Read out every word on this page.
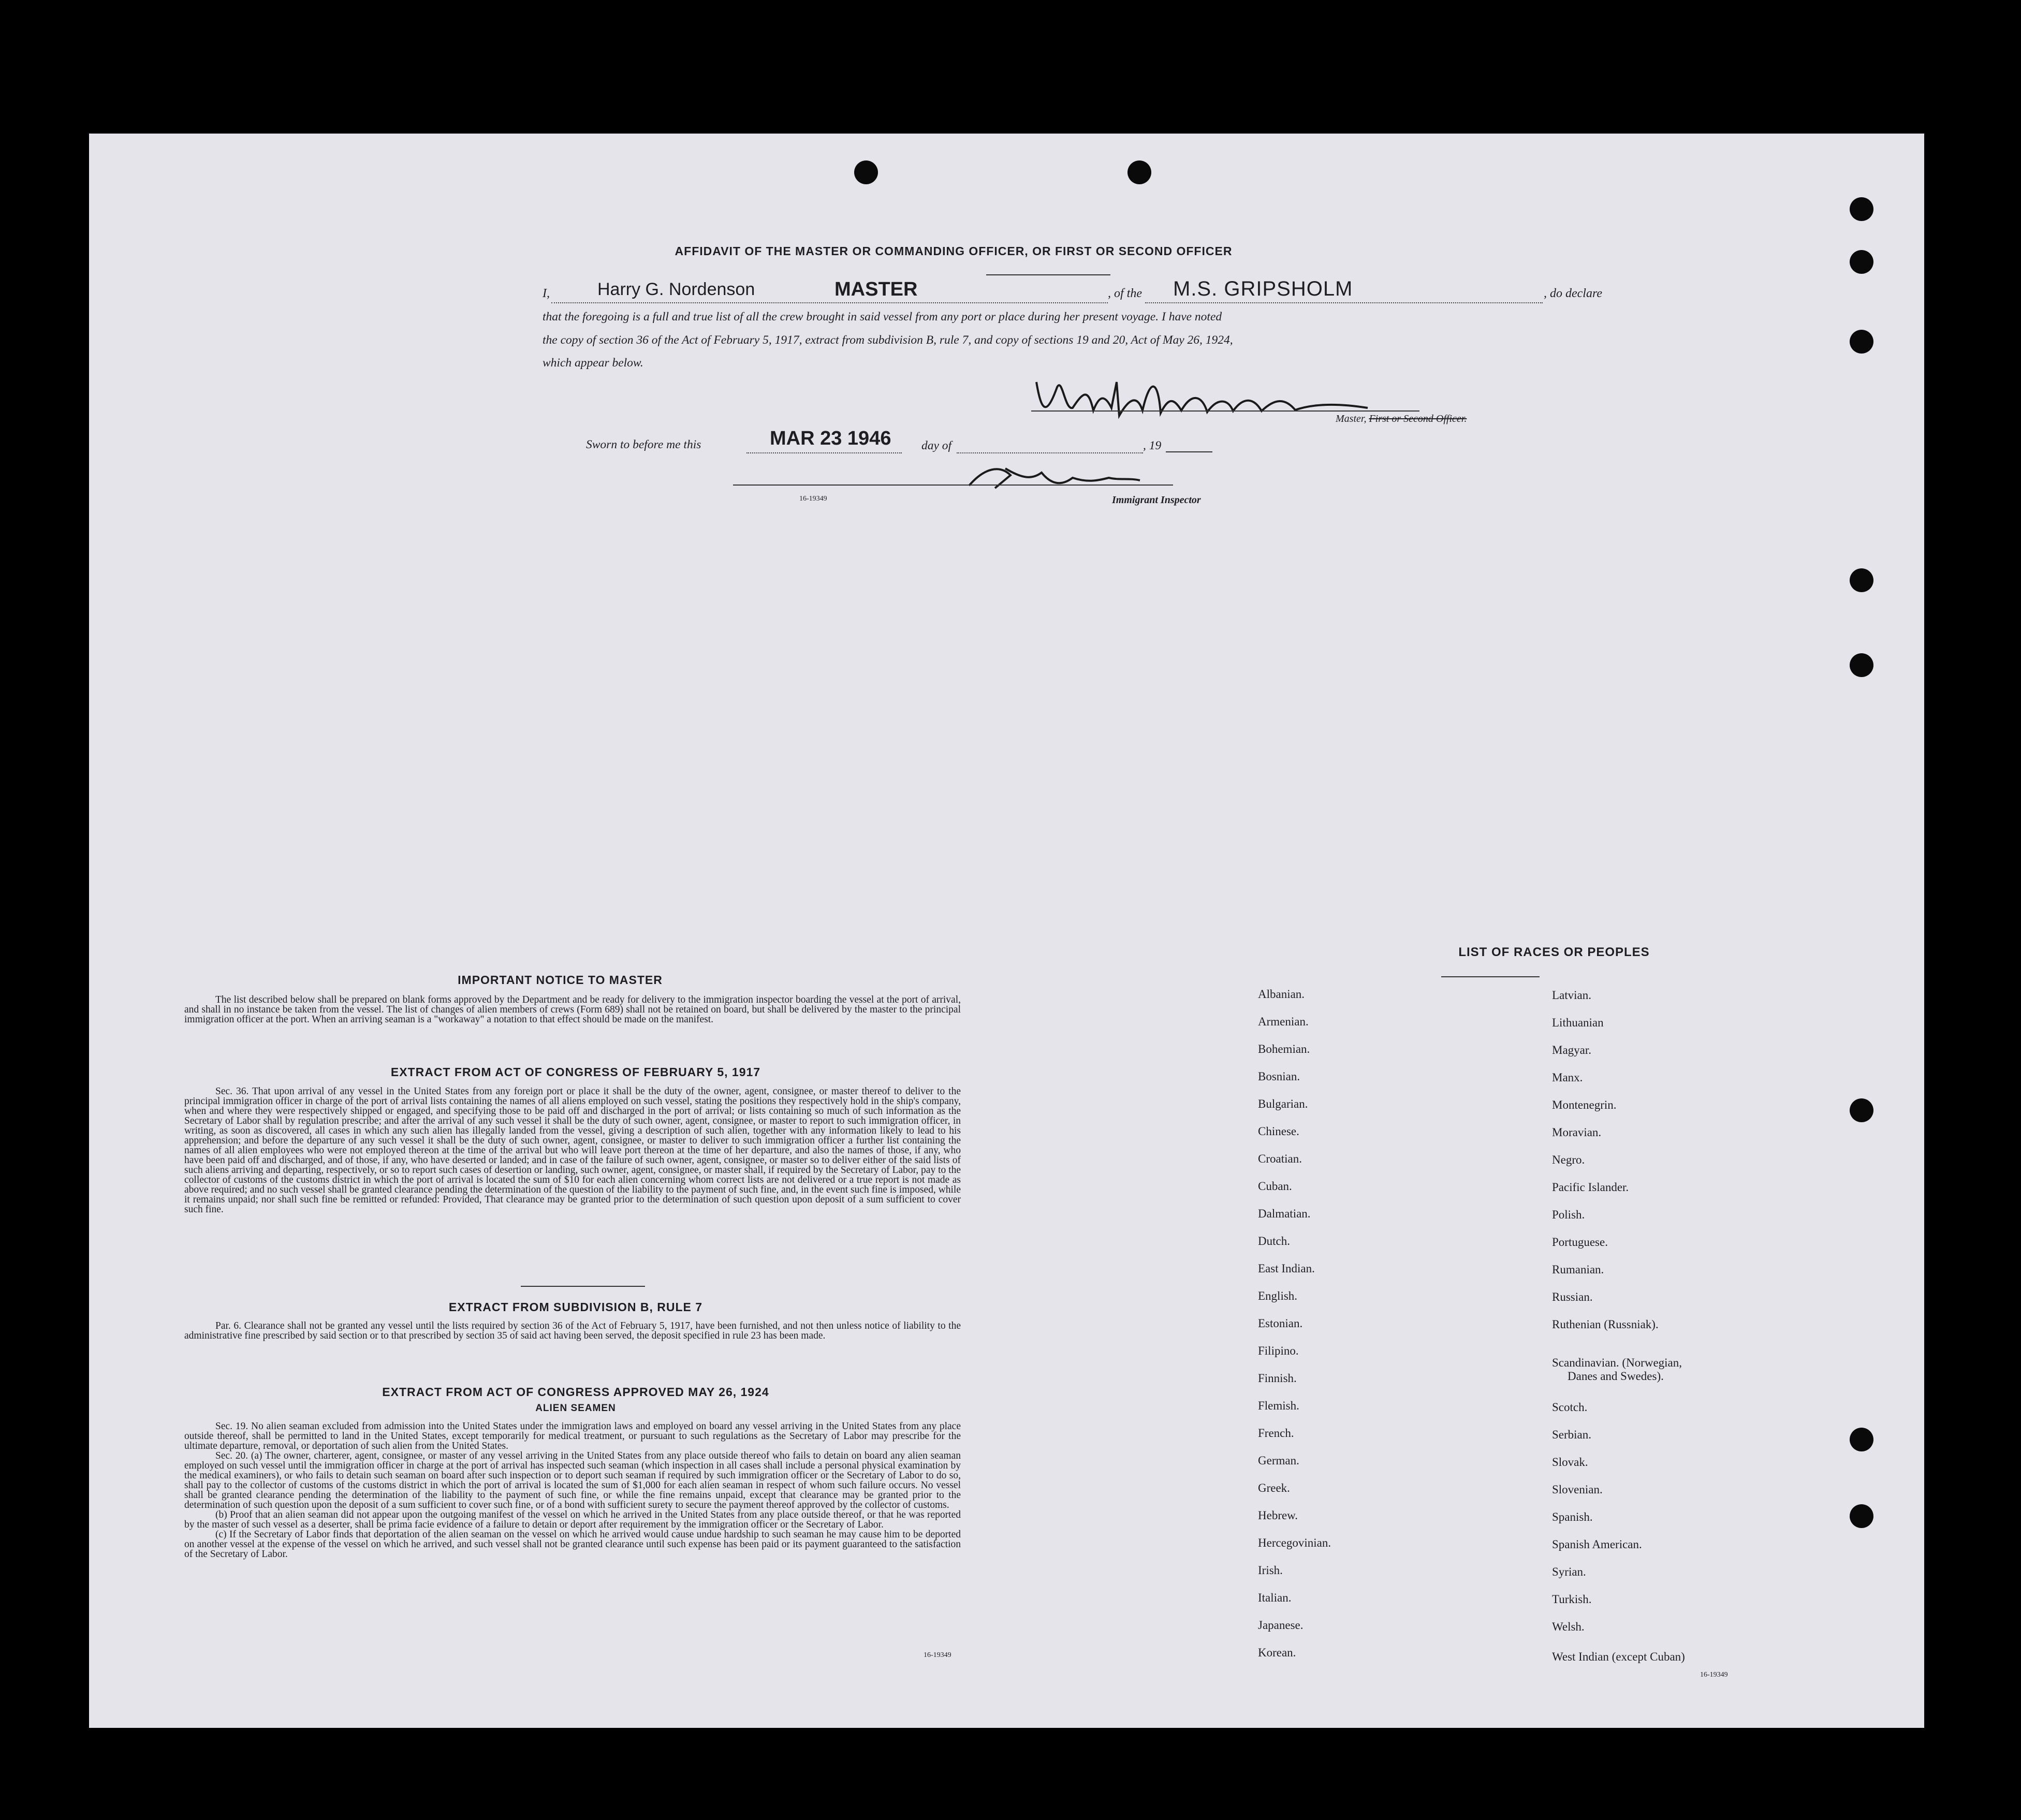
AFFIDAVIT OF THE MASTER OR COMMANDING OFFICER, OR FIRST OR SECOND OFFICER
I,	Harry G. Nordenson	MASTER	, of the M.S. GRIPSHOLM	, do declare
that the foregoing is a full and true list of all the crew brought in said vessel from any port or place during her present voyage. I have noted
the copy of section 36 of the Act of February 5, 1917, extract from subdivision B, rule 7, and copy of sections 19 and 20, Act of May 26, 1924,
which appear below.
Master, First or Second Officer.
Sworn to before me this	MAR 23 1946 day of	, 19
16-19349	Immigrant Inspector
IMPORTANT NOTICE TO MASTER

The list described below shall be prepared on blank forms approved by the Department and be ready for delivery to the immigration inspector boarding the vessel at the port of arrival, and shall in no instance be taken from the vessel. The list of changes of alien members of crews (Form 689) shall not be retained on board, but shall be delivered by the master to the principal immigration officer at the port. When an arriving seaman is a "workaway" a notation to that effect should be made on the manifest.

EXTRACT FROM ACT OF CONGRESS OF FEBRUARY 5, 1917

Sec. 36. That upon arrival of any vessel in the United States from any foreign port or place it shall be the duty of the owner, agent, consignee, or master thereof to deliver to the principal immigration officer in charge of the port of arrival lists containing the names of all aliens employed on such vessel, stating the positions they respectively hold in the ship's company, when and where they were respectively shipped or engaged, and specifying those to be paid off and discharged in the port of arrival; or lists containing so much of such information as the Secretary of Labor shall by regulation prescribe; and after the arrival of any such vessel it shall be the duty of such owner, agent, consignee, or master to report to such immigration officer, in writing, as soon as discovered, all cases in which any such alien has illegally landed from the vessel, giving a description of such alien, together with any information likely to lead to his apprehension; and before the departure of any such vessel it shall be the duty of such owner, agent, consignee, or master to deliver to such immigration officer a further list containing the names of all alien employees who were not employed thereon at the time of the arrival but who will leave port thereon at the time of her departure, and also the names of those, if any, who have been paid off and discharged, and of those, if any, who have deserted or landed; and in case of the failure of such owner, agent, consignee, or master so to deliver either of the said lists of such aliens arriving and departing, respectively, or so to report such cases of desertion or landing, such owner, agent, consignee, or master shall, if required by the Secretary of Labor, pay to the collector of customs of the customs district in which the port of arrival is located the sum of $10 for each alien concerning whom correct lists are not delivered or a true report is not made as above required; and no such vessel shall be granted clearance pending the determination of the question of the liability to the payment of such fine, and, in the event such fine is imposed, while it remains unpaid; nor shall such fine be remitted or refunded: Provided, That clearance may be granted prior to the determination of such question upon deposit of a sum sufficient to cover such fine.

EXTRACT FROM SUBDIVISION B, RULE 7

Par. 6. Clearance shall not be granted any vessel until the lists required by section 36 of the Act of February 5, 1917, have been furnished, and not then unless notice of liability to the administrative fine prescribed by said section or to that prescribed by section 35 of said act having been served, the deposit specified in rule 23 has been made.

EXTRACT FROM ACT OF CONGRESS APPROVED MAY 26, 1924
ALIEN SEAMEN

Sec. 19. No alien seaman excluded from admission into the United States under the immigration laws and employed on board any vessel arriving in the United States from any place outside thereof, shall be permitted to land in the United States, except temporarily for medical treatment, or pursuant to such regulations as the Secretary of Labor may prescribe for the ultimate departure, removal, or deportation of such alien from the United States.

Sec. 20. (a) The owner, charterer, agent, consignee, or master of any vessel arriving in the United States from any place outside thereof who fails to detain on board any alien seaman employed on such vessel until the immigration officer in charge at the port of arrival has inspected such seaman (which inspection in all cases shall include a personal physical examination by the medical examiners), or who fails to detain such seaman on board after such inspection or to deport such seaman if required by such immigration officer or the Secretary of Labor to do so, shall pay to the collector of customs of the customs district in which the port of arrival is located the sum of $1,000 for each alien seaman in respect of whom such failure occurs. No vessel shall be granted clearance pending the determination of the liability to the payment of such fine, or while the fine remains unpaid, except that clearance may be granted prior to the determination of such question upon the deposit of a sum sufficient to cover such fine, or of a bond with sufficient surety to secure the payment thereof approved by the collector of customs.

(b) Proof that an alien seaman did not appear upon the outgoing manifest of the vessel on which he arrived in the United States from any place outside thereof, or that he was reported by the master of such vessel as a deserter, shall be prima facie evidence of a failure to detain or deport after requirement by the immigration officer or the Secretary of Labor.

(c) If the Secretary of Labor finds that deportation of the alien seaman on the vessel on which he arrived would cause undue hardship to such seaman he may cause him to be deported on another vessel at the expense of the vessel on which he arrived, and such vessel shall not be granted clearance until such expense has been paid or its payment guaranteed to the satisfaction of the Secretary of Labor.

16-19349
LIST OF RACES OR PEOPLES
Albanian.
Armenian.
Bohemian.
Bosnian.
Bulgarian.
Chinese.
Croatian.
Cuban.
Dalmatian.
Dutch.
East Indian.
English.
Estonian.
Filipino.
Finnish.
Flemish.
French.
German.
Greek.
Hebrew.
Hercegovinian.
Irish.
Italian.
Japanese.
Korean.
Latvian.
Lithuanian
Magyar.
Manx.
Montenegrin.
Moravian.
Negro.
Pacific Islander.
Polish.
Portuguese.
Rumanian.
Russian.
Ruthenian (Russniak).
Scandinavian. (Norwegian,
Danes and Swedes).
Scotch.
Serbian.
Slovak.
Slovenian.
Spanish.
Spanish American.
Syrian.
Turkish.
Welsh.
West Indian (except Cuban)
16-19349
